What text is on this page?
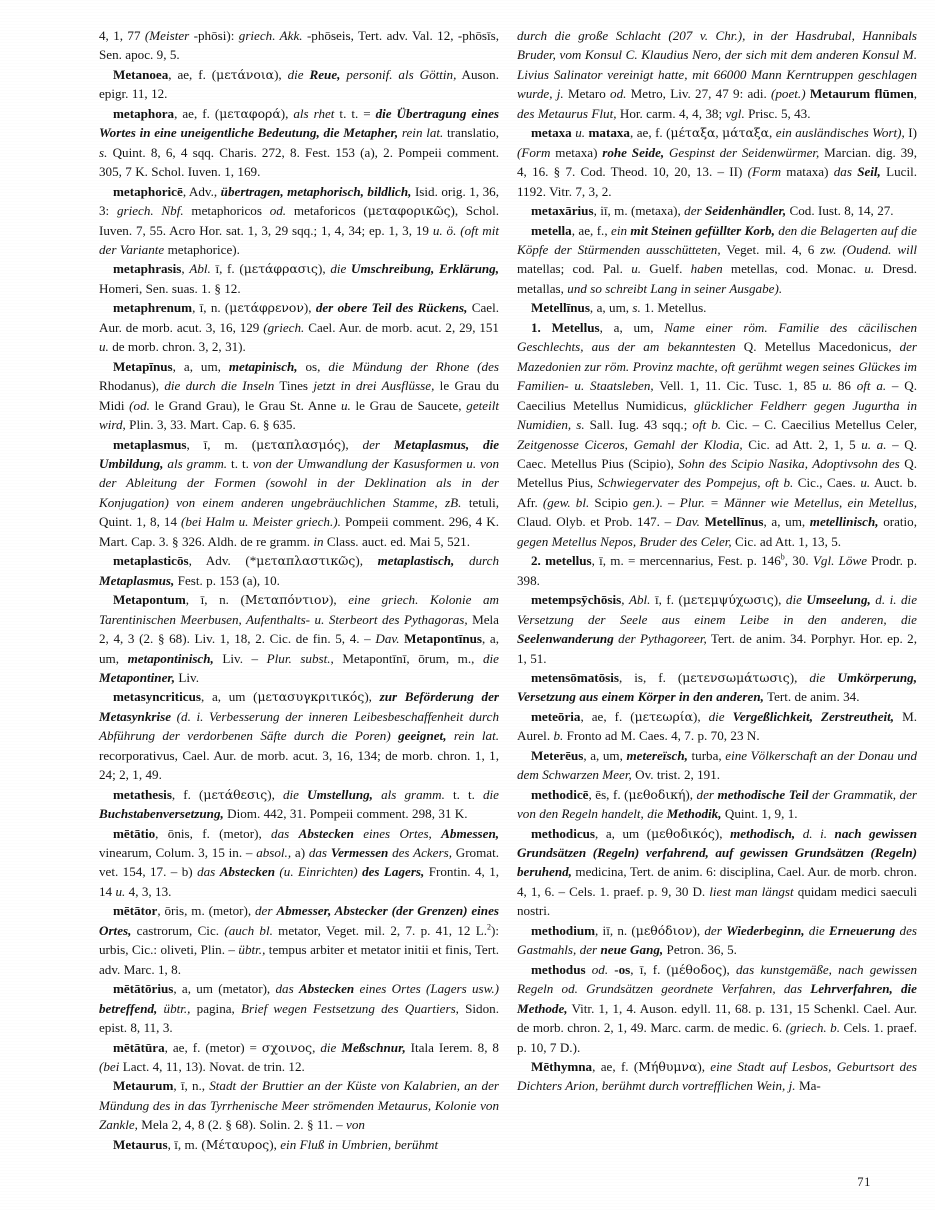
4, 1, 77 (Meister -phōsi): griech. Akk. -phōseis, Tert. adv. Val. 12, -phōsīs, Sen. apoc. 9, 5.

Metanoea, ae, f. (μετάνοια), die Reue, personif. als Göttin, Auson. epigr. 11, 12.

metaphora, ae, f. (μεταφορά), als rhet t. t. = die Übertragung eines Wortes in eine uneigentliche Bedeutung, die Metapher, rein lat. translatio, s. Quint. 8, 6, 4 sqq. Charis. 272, 8. Fest. 153 (a), 2. Pompeii comment. 305, 7 K. Schol. Iuven. 1, 169.

metaphoricē, Adv., übertragen, metaphorisch, bildlich, Isid. orig. 1, 36, 3: griech. Nbf. metaphoricos od. metaforicos (μεταφορικῶς), Schol. Iuven. 7, 55. Acro Hor. sat. 1, 3, 29 sqq.; 1, 4, 34; ep. 1, 3, 19 u. ö. (oft mit der Variante metaphorice).

metaphrasis, Abl. ī, f. (μετάφρασις), die Umschreibung, Erklärung, Homeri, Sen. suas. 1. § 12.

metaphrenum, ī, n. (μετάφρενον), der obere Teil des Rückens, Cael. Aur. de morb. acut. 3, 16, 129 (griech. Cael. Aur. de morb. acut. 2, 29, 151 u. de morb. chron. 3, 2, 31).

Metapīnus, a, um, metapinisch, os, die Mündung der Rhone (des Rhodanus), die durch die Inseln Tines jetzt in drei Ausflüsse, le Grau du Midi (od. le Grand Grau), le Grau St. Anne u. le Grau de Saucete, geteilt wird, Plin. 3, 33. Mart. Cap. 6. § 635.

metaplasmus, ī, m. (μεταπλασμός), der Metaplasmus, die Umbildung, als gramm. t. t. von der Umwandlung der Kasusformen u. von der Ableitung der Formen (sowohl in der Deklination als in der Konjugation) von einem anderen ungebräuchlichen Stamme, zB. tetuli, Quint. 1, 8, 14 (bei Halm u. Meister griech.). Pompeii comment. 296, 4 K. Mart. Cap. 3. § 326. Aldh. de re gramm. in Class. auct. ed. Mai 5, 521.

metaplasticōs, Adv. (*μεταπλαστικῶς), metaplastisch, durch Metaplasmus, Fest. p. 153 (a), 10.

Metapontum, ī, n. (Μεταπόντιον), eine griech. Kolonie am Tarentinischen Meerbusen, Aufenthalts- u. Sterbeort des Pythagoras, Mela 2, 4, 3 (2. § 68). Liv. 1, 18, 2. Cic. de fin. 5, 4. – Dav. Metapontīnus, a, um, metapontinisch, Liv. – Plur. subst., Metapontīnī, ōrum, m., die Metapontiner, Liv.

metasyncriticus, a, um (μετασυγκριτικός), zur Beförderung der Metasynkrise (d. i. Verbesserung der inneren Leibesbeschaffenheit durch Abführung der verdorbenen Säfte durch die Poren) geeignet, rein lat. recorporativus, Cael. Aur. de morb. acut. 3, 16, 134; de morb. chron. 1, 1, 24; 2, 1, 49.

metathesis, f. (μετάθεσις), die Umstellung, als gramm. t. t. die Buchstabenversetzung, Diom. 442, 31. Pompeii comment. 298, 31 K.

mētātio, ōnis, f. (metor), das Abstecken eines Ortes, Abmessen, vinearum, Colum. 3, 15 in. – absol., a) das Vermessen des Ackers, Gromat. vet. 154, 17. – b) das Abstecken (u. Einrichten) des Lagers, Frontin. 4, 1, 14 u. 4, 3, 13.

mētātor, ōris, m. (metor), der Abmesser, Abstecker (der Grenzen) eines Ortes, castrorum, Cic. (auch bl. metator, Veget. mil. 2, 7. p. 41, 12 L.$^2$): urbis, Cic.: oliveti, Plin. – übtr., tempus arbiter et metator initii et finis, Tert. adv. Marc. 1, 8.

mētātōrius, a, um (metator), das Abstecken eines Ortes (Lagers usw.) betreffend, übtr., pagina, Brief wegen Festsetzung des Quartiers, Sidon. epist. 8, 11, 3.

mētātūra, ae, f. (metor) = σχοινος, die Meßschnur, Itala Ierem. 8, 8 (bei Lact. 4, 11, 13). Novat. de trin. 12.

Metaurum, ī, n., Stadt der Bruttier an der Küste von Kalabrien, an der Mündung des in das Tyrrhenische Meer strömenden Metaurus, Kolonie von Zankle, Mela 2, 4, 8 (2. § 68). Solin. 2. § 11. – von

Metaurus, ī, m. (Μέταυρος), ein Fluß in Umbrien, berühmt

durch die große Schlacht (207 v. Chr.), in der Hasdrubal, Hannibals Bruder, vom Konsul C. Klaudius Nero, der sich mit dem anderen Konsul M. Livius Salinator vereinigt hatte, mit 66000 Mann Kerntruppen geschlagen wurde, j. Metaro od. Metro, Liv. 27, 47 9: adi. (poet.) Metaurum flūmen, des Metaurus Flut, Hor. carm. 4, 4, 38; vgl. Prisc. 5, 43.

metaxa u. mataxa, ae, f. (μέταξα, μάταξα, ein ausländisches Wort), I) (Form metaxa) rohe Seide, Gespinst der Seidenwürmer, Marcian. dig. 39, 4, 16. § 7. Cod. Theod. 10, 20, 13. – II) (Form mataxa) das Seil, Lucil. 1192. Vitr. 7, 3, 2.

metaxārius, iī, m. (metaxa), der Seidenhändler, Cod. Iust. 8, 14, 27.

metella, ae, f., ein mit Steinen gefüllter Korb, den die Belagerten auf die Köpfe der Stürmenden ausschütteten, Veget. mil. 4, 6 zw. (Oudend. will matellas; cod. Pal. u. Guelf. haben metellas, cod. Monac. u. Dresd. metallas, und so schreibt Lang in seiner Ausgabe).

Metellīnus, a, um, s. 1. Metellus.

1. Metellus, a, um, Name einer röm. Familie des cäcilischen Geschlechts, aus der am bekanntesten Q. Metellus Macedonicus, der Mazedonien zur röm. Provinz machte, oft gerühmt wegen seines Glückes im Familien- u. Staatsleben, Vell. 1, 11. Cic. Tusc. 1, 85 u. 86 oft a. – Q. Caecilius Metellus Numidicus, glücklicher Feldherr gegen Jugurtha in Numidien, s. Sall. Iug. 43 sqq.; oft b. Cic. – C. Caecilius Metellus Celer, Zeitgenosse Ciceros, Gemahl der Klodia, Cic. ad Att. 2, 1, 5 u. a. – Q. Caec. Metellus Pius (Scipio), Sohn des Scipio Nasika, Adoptivsohn des Q. Metellus Pius, Schwiegervater des Pompejus, oft b. Cic., Caes. u. Auct. b. Afr. (gew. bl. Scipio gen.). – Plur. = Männer wie Metellus, ein Metellus, Claud. Olyb. et Prob. 147. – Dav. Metellīnus, a, um, metellinisch, oratio, gegen Metellus Nepos, Bruder des Celer, Cic. ad Att. 1, 13, 5.

2. metellus, ī, m. = mercennarius, Fest. p. 146$^b$, 30. Vgl. Löwe Prodr. p. 398.

metempsȳchōsis, Abl. ī, f. (μετεμψύχωσις), die Umseelung, d. i. die Versetzung der Seele aus einem Leibe in den anderen, die Seelenwanderung der Pythagoreer, Tert. de anim. 34. Porphyr. Hor. ep. 2, 1, 51.

metensōmatōsis, is, f. (μετενσωμάτωσις), die Umkörperung, Versetzung aus einem Körper in den anderen, Tert. de anim. 34.

meteōria, ae, f. (μετεωρία), die Vergeßlichkeit, Zerstreutheit, M. Aurel. b. Fronto ad M. Caes. 4, 7. p. 70, 23 N.

Meterēus, a, um, metereïsch, turba, eine Völkerschaft an der Donau und dem Schwarzen Meer, Ov. trist. 2, 191.

methodicē, ēs, f. (μεθοδική), der methodische Teil der Grammatik, der von den Regeln handelt, die Methodik, Quint. 1, 9, 1.

methodicus, a, um (μεθοδικός), methodisch, d. i. nach gewissen Grundsätzen (Regeln) verfahrend, auf gewissen Grundsätzen (Regeln) beruhend, medicina, Tert. de anim. 6: disciplina, Cael. Aur. de morb. chron. 4, 1, 6. – Cels. 1. praef. p. 9, 30 D. liest man längst quidam medici saeculi nostri.

methodium, iī, n. (μεθόδιον), der Wiederbeginn, die Erneuerung des Gastmahls, der neue Gang, Petron. 36, 5.

methodus od. -os, ī, f. (μέθοδος), das kunstgemäße, nach gewissen Regeln od. Grundsätzen geordnete Verfahren, das Lehrverfahren, die Methode, Vitr. 1, 1, 4. Auson. edyll. 11, 68. p. 131, 15 Schenkl. Cael. Aur. de morb. chron. 2, 1, 49. Marc. carm. de medic. 6. (griech. b. Cels. 1. praef. p. 10, 7 D.).

Mēthymna, ae, f. (Μήθυμνα), eine Stadt auf Lesbos, Geburtsort des Dichters Arion, berühmt durch vortrefflichen Wein, j. Ma-

71
